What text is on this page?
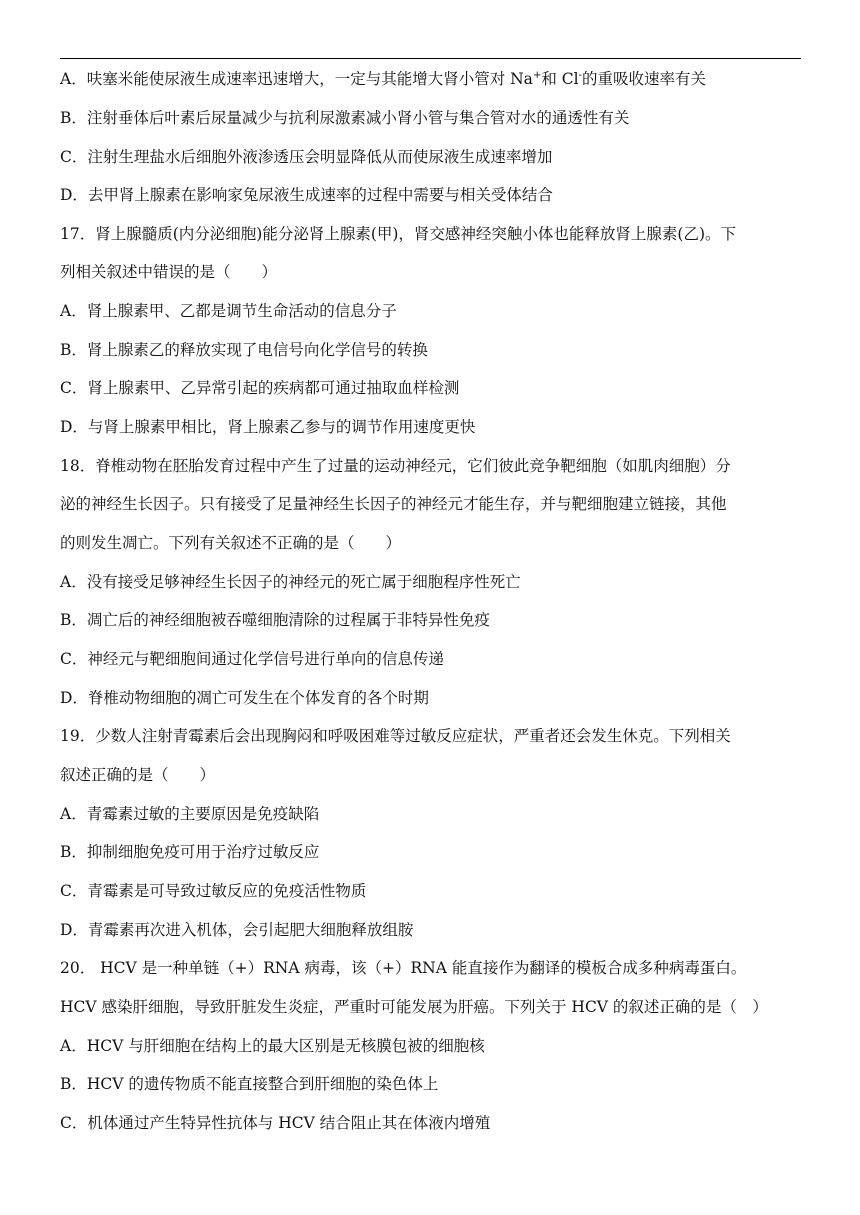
A．呋塞米能使尿液生成速率迅速增大，一定与其能增大肾小管对 Na+和 Cl-的重吸收速率有关
B．注射垂体后叶素后尿量减少与抗利尿激素减小肾小管与集合管对水的通透性有关
C．注射生理盐水后细胞外液渗透压会明显降低从而使尿液生成速率增加
D．去甲肾上腺素在影响家兔尿液生成速率的过程中需要与相关受体结合
17．肾上腺髓质(内分泌细胞)能分泌肾上腺素(甲)，肾交感神经突触小体也能释放肾上腺素(乙)。下
列相关叙述中错误的是（　　）
A．肾上腺素甲、乙都是调节生命活动的信息分子
B．肾上腺素乙的释放实现了电信号向化学信号的转换
C．肾上腺素甲、乙异常引起的疾病都可通过抽取血样检测
D．与肾上腺素甲相比，肾上腺素乙参与的调节作用速度更快
18．脊椎动物在胚胎发育过程中产生了过量的运动神经元，它们彼此竞争靶细胞（如肌肉细胞）分
泌的神经生长因子。只有接受了足量神经生长因子的神经元才能生存，并与靶细胞建立链接，其他
的则发生凋亡。下列有关叙述不正确的是（　　）
A．没有接受足够神经生长因子的神经元的死亡属于细胞程序性死亡
B．凋亡后的神经细胞被吞噬细胞清除的过程属于非特异性免疫
C．神经元与靶细胞间通过化学信号进行单向的信息传递
D．脊椎动物细胞的凋亡可发生在个体发育的各个时期
19．少数人注射青霉素后会出现胸闷和呼吸困难等过敏反应症状，严重者还会发生休克。下列相关
叙述正确的是（　　）
A．青霉素过敏的主要原因是免疫缺陷
B．抑制细胞免疫可用于治疗过敏反应
C．青霉素是可导致过敏反应的免疫活性物质
D．青霉素再次进入机体，会引起肥大细胞释放组胺
20． HCV 是一种单链（+）RNA 病毒，该（+）RNA 能直接作为翻译的模板合成多种病毒蛋白。
HCV 感染肝细胞，导致肝脏发生炎症，严重时可能发展为肝癌。下列关于 HCV 的叙述正确的是（　）
A．HCV 与肝细胞在结构上的最大区别是无核膜包被的细胞核
B．HCV 的遗传物质不能直接整合到肝细胞的染色体上
C．机体通过产生特异性抗体与 HCV 结合阻止其在体液内增殖
